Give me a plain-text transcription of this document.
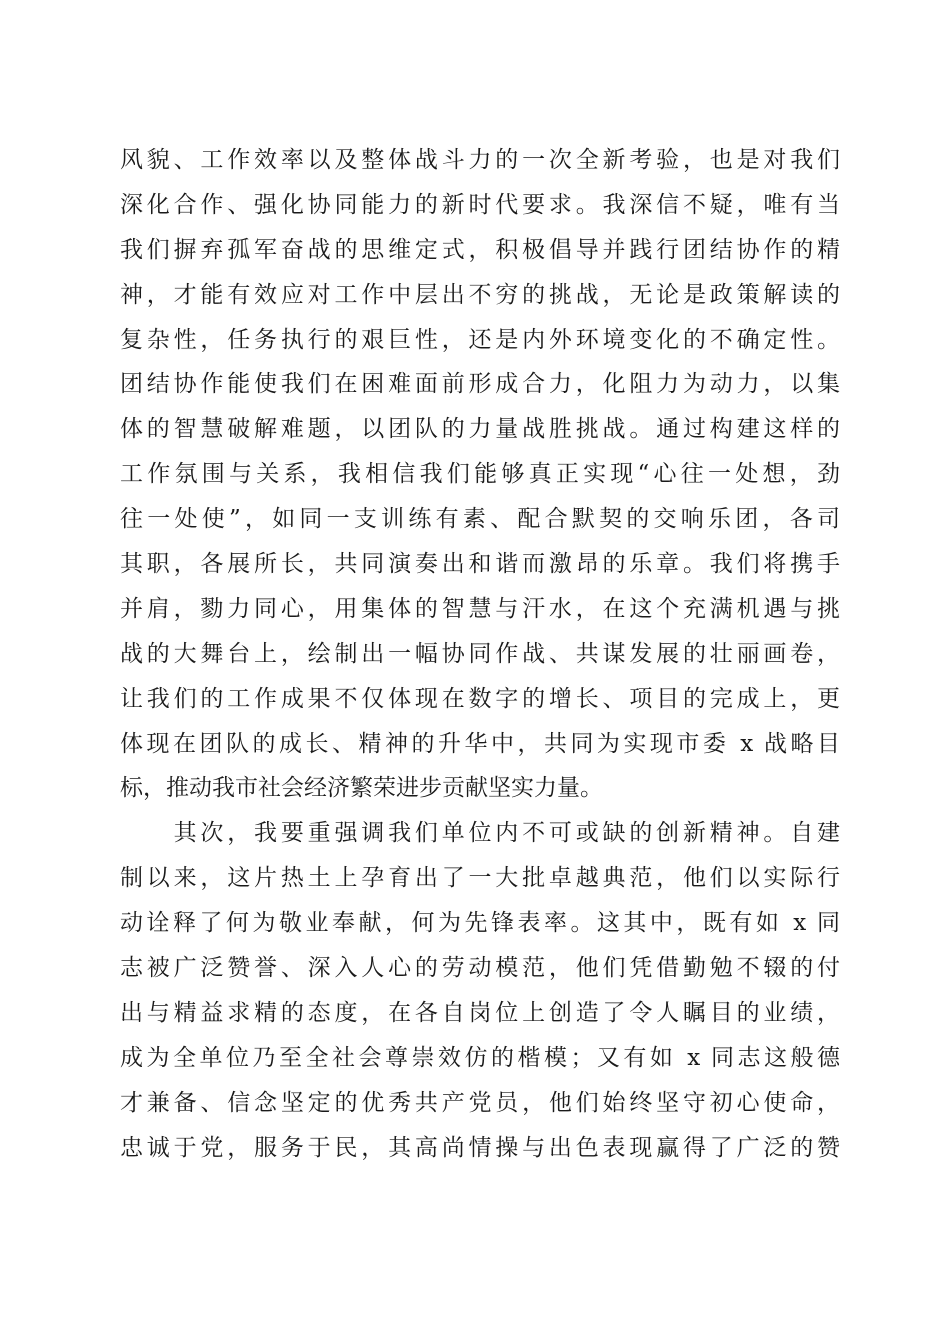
风貌、工作效率以及整体战斗力的一次全新考验，也是对我们
深化合作、强化协同能力的新时代要求。我深信不疑，唯有当
我们摒弃孤军奋战的思维定式，积极倡导并践行团结协作的精
神，才能有效应对工作中层出不穷的挑战，无论是政策解读的
复杂性，任务执行的艰巨性，还是内外环境变化的不确定性。
团结协作能使我们在困难面前形成合力，化阻力为动力，以集
体的智慧破解难题，以团队的力量战胜挑战。通过构建这样的
工作氛围与关系，我相信我们能够真正实现“心往一处想，劲
往一处使”，如同一支训练有素、配合默契的交响乐团，各司
其职，各展所长，共同演奏出和谐而激昂的乐章。我们将携手
并肩，勠力同心，用集体的智慧与汗水，在这个充满机遇与挑
战的大舞台上，绘制出一幅协同作战、共谋发展的壮丽画卷，
让我们的工作成果不仅体现在数字的增长、项目的完成上，更
体现在团队的成长、精神的升华中，共同为实现市委 x 战略目
标，推动我市社会经济繁荣进步贡献坚实力量。
　　其次，我要重强调我们单位内不可或缺的创新精神。自建
制以来，这片热土上孕育出了一大批卓越典范，他们以实际行
动诠释了何为敬业奉献，何为先锋表率。这其中，既有如 x 同
志被广泛赞誉、深入人心的劳动模范，他们凭借勤勉不辍的付
出与精益求精的态度，在各自岗位上创造了令人瞩目的业绩，
成为全单位乃至全社会尊崇效仿的楷模；又有如 x 同志这般德
才兼备、信念坚定的优秀共产党员，他们始终坚守初心使命，
忠诚于党，服务于民，其高尚情操与出色表现赢得了广泛的赞
